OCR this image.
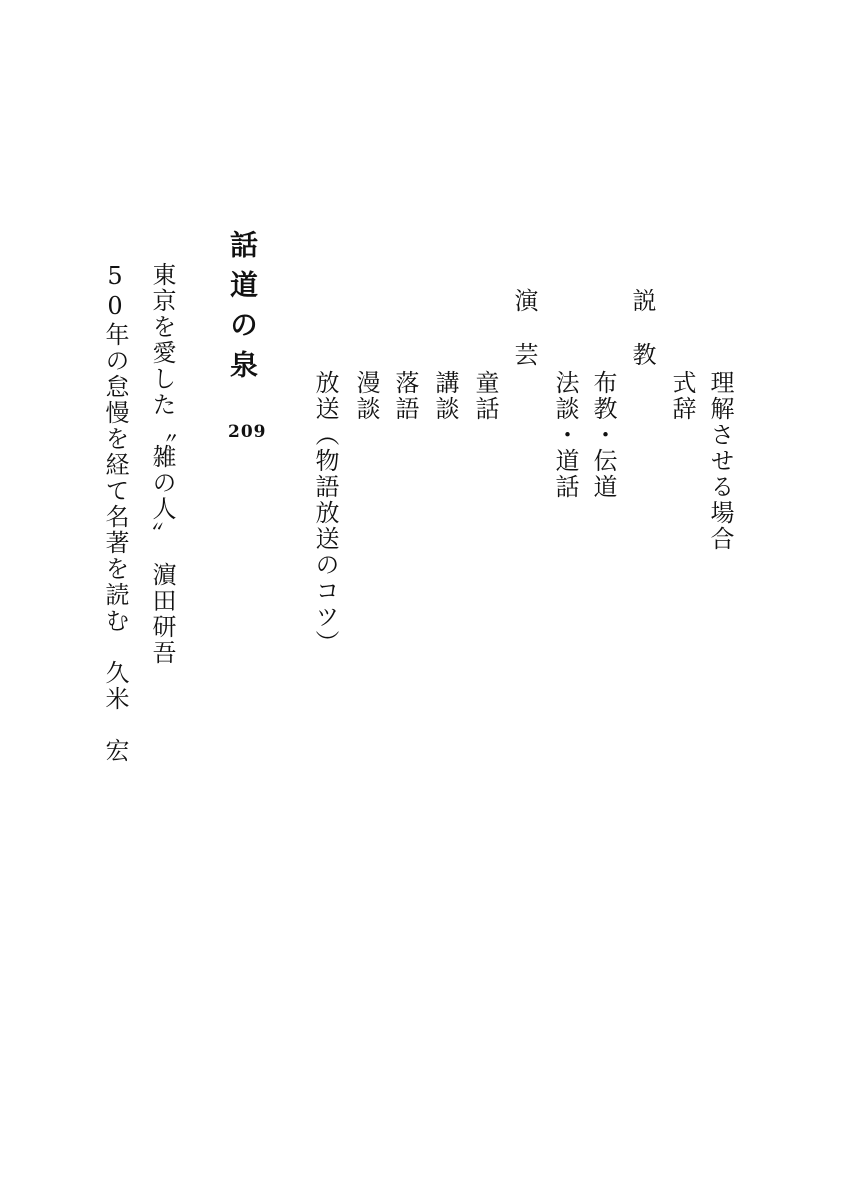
理解させる場合
式辞
説教
布教・伝道
法談・道話
演芸
童話
講談
落語
漫談
放送（物語放送のコツ）
話道の泉
209
東京を愛した〝雑の人〟　濵田研吾
50年の怠慢を経て名著を読む　久米　宏
